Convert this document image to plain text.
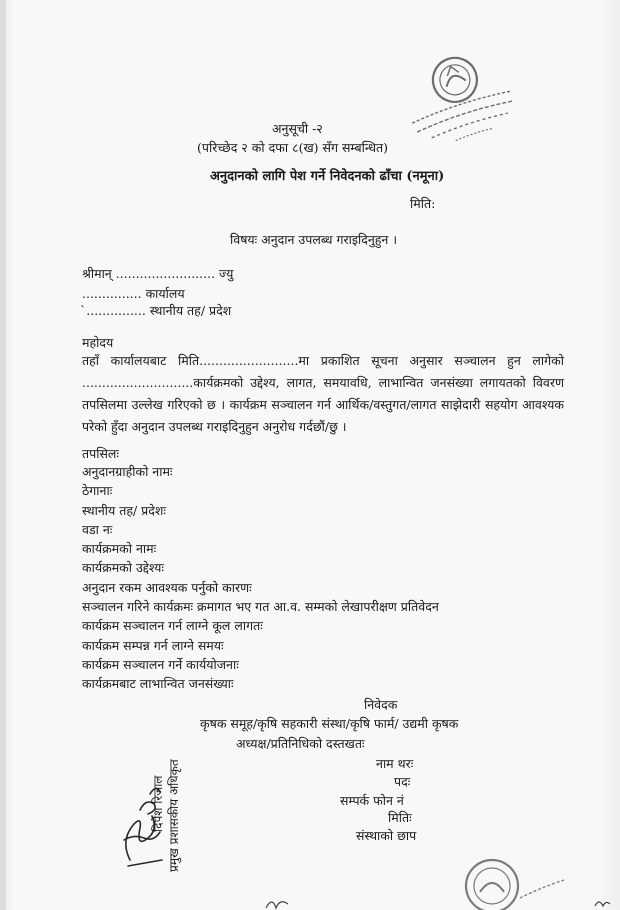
अनुसूची -२
(परिच्छेद २ को दफा ८(ख) सँग सम्बन्धित)
अनुदानको लागि पेश गर्ने निवेदनको ढाँचा (नमूना)
मिति:
विषयः अनुदान उपलब्ध गराइदिनुहुन ।
श्रीमान् ......................... ज्यु
............... कार्यालय
`............... स्थानीय तह/ प्रदेश
महोदय
तहाँ कार्यालयबाट मिति.........................मा प्रकाशित सूचना अनुसार सञ्चालन हुन लागेको ............................कार्यक्रमको उद्देश्य, लागत, समयावधि, लाभान्वित जनसंख्या लगायतको विवरण तपसिलमा उल्लेख गरिएको छ । कार्यक्रम सञ्चालन गर्न आर्थिक/वस्तुगत/लागत साझेदारी सहयोग आवश्यक परेको हुँदा अनुदान उपलब्ध गराइदिनुहुन अनुरोध गर्दछौं/छु ।
तपसिलः
अनुदानग्राहीको नामः
ठेगानाः
स्थानीय तह/ प्रदेशः
वडा नः
कार्यक्रमको नामः
कार्यक्रमको उद्देश्यः
अनुदान रकम आवश्यक पर्नुको कारणः
सञ्चालन गरिने कार्यक्रमः क्रमागत भए गत आ.व. सम्मको लेखापरीक्षण प्रतिवेदन
कार्यक्रम सञ्चालन गर्न लाग्ने कूल लागतः
कार्यक्रम सम्पन्न गर्न लाग्ने समयः
कार्यक्रम सञ्चालन गर्ने कार्ययोजनाः
कार्यक्रमबाट लाभान्वित जनसंख्याः
निवेदक
कृषक समूह/कृषि सहकारी संस्था/कृषि फार्म/ उद्यमी कृषक
अध्यक्ष/प्रतिनिधिको दस्तखतः
नाम थरः
पदः
सम्पर्क फोन नं
मितिः
संस्थाको छाप
दिपेश रिजाल प्रमुख प्रशासकीय अधिकृत
